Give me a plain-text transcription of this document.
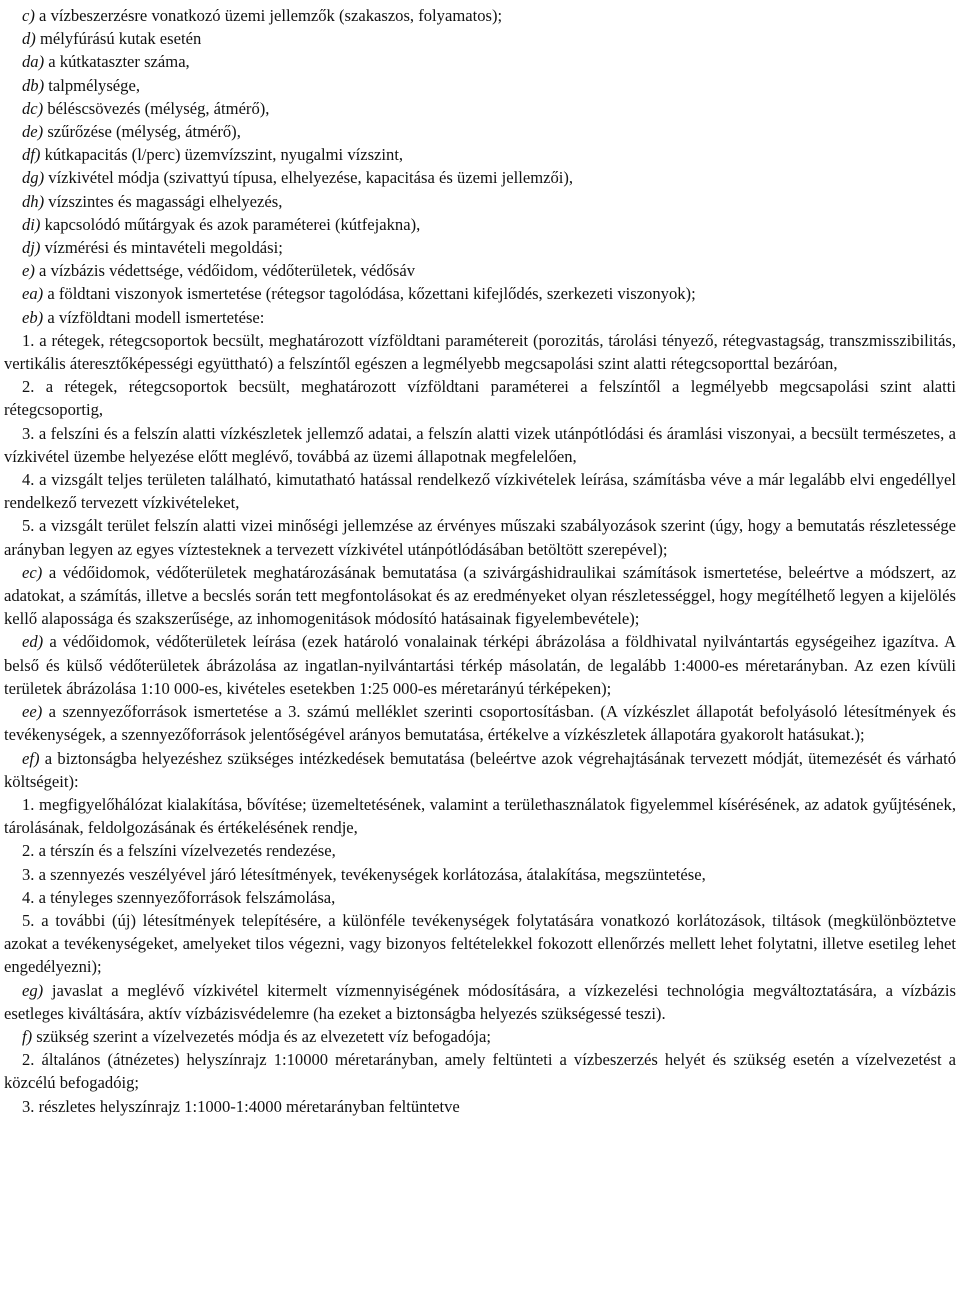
c) a vízbeszerzésre vonatkozó üzemi jellemzők (szakaszos, folyamatos);
d) mélyfúrású kutak esetén
da) a kútkataszter száma,
db) talpmélysége,
dc) béléscsövezés (mélység, átmérő),
de) szűrőzése (mélység, átmérő),
df) kútkapacitás (l/perc) üzemvízszint, nyugalmi vízszint,
dg) vízkivétel módja (szivattyú típusa, elhelyezése, kapacitása és üzemi jellemzői),
dh) vízszintes és magassági elhelyezés,
di) kapcsolódó műtárgyak és azok paraméterei (kútfejakna),
dj) vízmérési és mintavételi megoldási;
e) a vízbázis védettsége, védőidom, védőterületek, védősáv
ea) a földtani viszonyok ismertetése (rétegsor tagolódása, kőzettani kifejlődés, szerkezeti viszonyok);
eb) a vízföldtani modell ismertetése:
1. a rétegek, rétegcsoportok becsült, meghatározott vízföldtani paramétereit (porozitás, tárolási tényező, rétegvastagság, transzmisszibilitás, vertikális áteresztőképességi együttható) a felszíntől egészen a legmélyebb megcsapolási szint alatti rétegcsoporttal bezáróan,
2. a rétegek, rétegcsoportok becsült, meghatározott vízföldtani paraméterei a felszíntől a legmélyebb megcsapolási szint alatti rétegcsoportig,
3. a felszíni és a felszín alatti vízkészletek jellemző adatai, a felszín alatti vizek utánpótlódási és áramlási viszonyai, a becsült természetes, a vízkivétel üzembe helyezése előtt meglévő, továbbá az üzemi állapotnak megfelelően,
4. a vizsgált teljes területen található, kimutatható hatással rendelkező vízkivételek leírása, számításba véve a már legalább elvi engedéllyel rendelkező tervezett vízkivételeket,
5. a vizsgált terület felszín alatti vizei minőségi jellemzése az érvényes műszaki szabályozások szerint (úgy, hogy a bemutatás részletessége arányban legyen az egyes víztesteknek a tervezett vízkivétel utánpótlódásában betöltött szerepével);
ec) a védőidomok, védőterületek meghatározásának bemutatása (a szivárgáshidraulikai számítások ismertetése, beleértve a módszert, az adatokat, a számítás, illetve a becslés során tett megfontolásokat és az eredményeket olyan részletességgel, hogy megítélhető legyen a kijelölés kellő alapossága és szakszerűsége, az inhomogenitások módosító hatásainak figyelembevétele);
ed) a védőidomok, védőterületek leírása (ezek határoló vonalainak térképi ábrázolása a földhivatal nyilvántartás egységeihez igazítva. A belső és külső védőterületek ábrázolása az ingatlan-nyilvántartási térkép másolatán, de legalább 1:4000-es méretarányban. Az ezen kívüli területek ábrázolása 1:10 000-es, kivételes esetekben 1:25 000-es méretarányú térképeken);
ee) a szennyezőforrások ismertetése a 3. számú melléklet szerinti csoportosításban. (A vízkészlet állapotát befolyásoló létesítmények és tevékenységek, a szennyezőforrások jelentőségével arányos bemutatása, értékelve a vízkészletek állapotára gyakorolt hatásukat.);
ef) a biztonságba helyezéshez szükséges intézkedések bemutatása (beleértve azok végrehajtásának tervezett módját, ütemezését és várható költségeit):
1. megfigyelőhálózat kialakítása, bővítése; üzemeltetésének, valamint a területhasználatok figyelemmel kísérésének, az adatok gyűjtésének, tárolásának, feldolgozásának és értékelésének rendje,
2. a térszín és a felszíni vízelvezetés rendezése,
3. a szennyezés veszélyével járó létesítmények, tevékenységek korlátozása, átalakítása, megszüntetése,
4. a tényleges szennyezőforrások felszámolása,
5. a további (új) létesítmények telepítésére, a különféle tevékenységek folytatására vonatkozó korlátozások, tiltások (megkülönböztetve azokat a tevékenységeket, amelyeket tilos végezni, vagy bizonyos feltételekkel fokozott ellenőrzés mellett lehet folytatni, illetve esetileg lehet engedélyezni);
eg) javaslat a meglévő vízkivétel kitermelt vízmennyiségének módosítására, a vízkezelési technológia megváltoztatására, a vízbázis esetleges kiváltására, aktív vízbázisvédelemre (ha ezeket a biztonságba helyezés szükségessé teszi).
f) szükség szerint a vízelvezetés módja és az elvezetett víz befogadója;
2. általános (átnézetes) helyszínrajz 1:10000 méretarányban, amely feltünteti a vízbeszerzés helyét és szükség esetén a vízelvezetést a közcélú befogadóig;
3. részletes helyszínrajz 1:1000-1:4000 méretarányban feltüntetve
